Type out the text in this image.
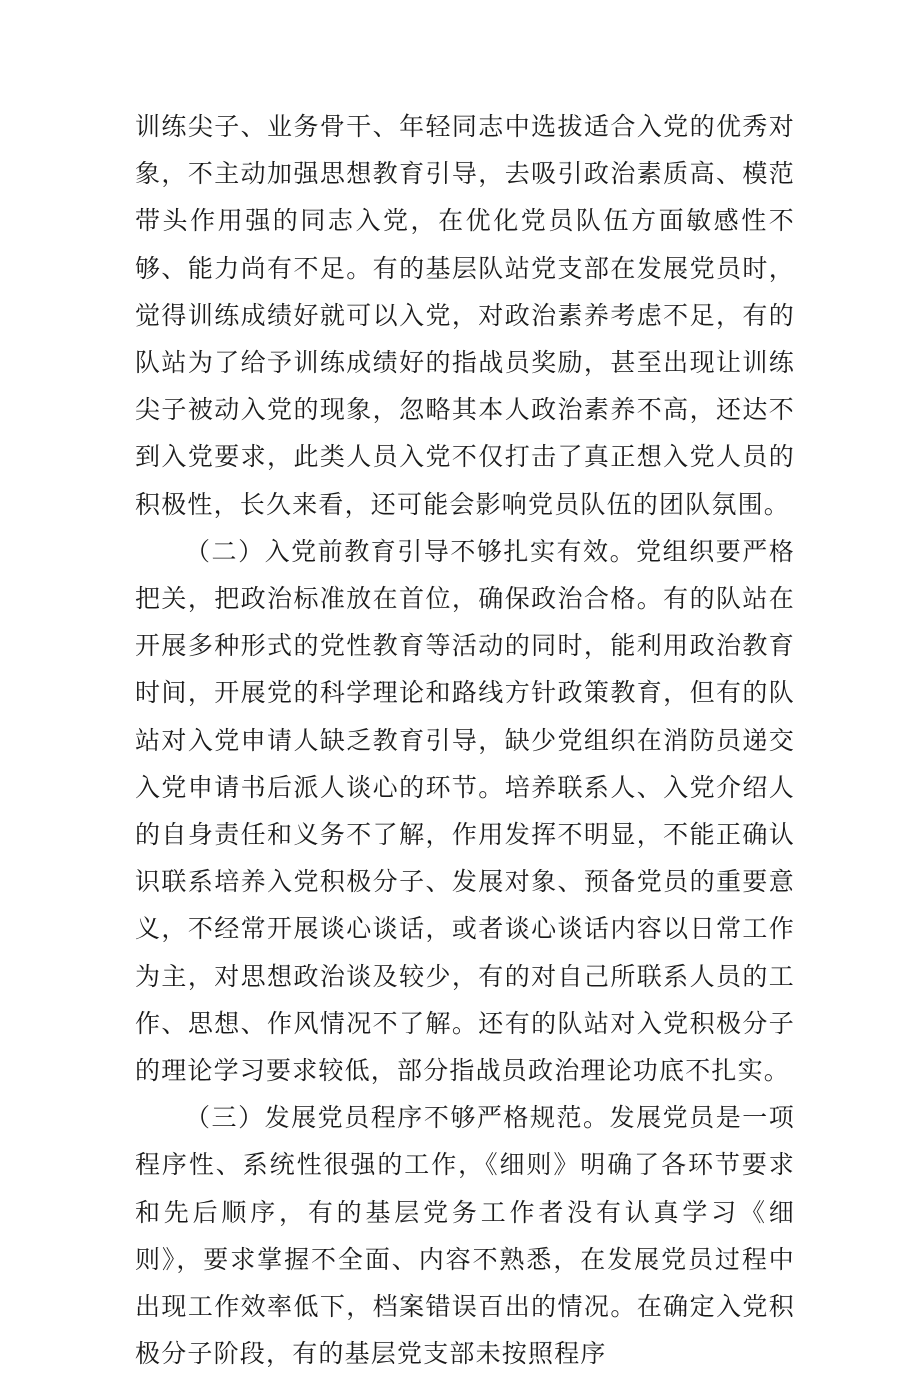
训练尖子、业务骨干、年轻同志中选拔适合入党的优秀对象，不主动加强思想教育引导，去吸引政治素质高、模范带头作用强的同志入党，在优化党员队伍方面敏感性不够、能力尚有不足。有的基层队站党支部在发展党员时，觉得训练成绩好就可以入党，对政治素养考虑不足，有的队站为了给予训练成绩好的指战员奖励，甚至出现让训练尖子被动入党的现象，忽略其本人政治素养不高，还达不到入党要求，此类人员入党不仅打击了真正想入党人员的积极性，长久来看，还可能会影响党员队伍的团队氛围。

（二）入党前教育引导不够扎实有效。党组织要严格把关，把政治标准放在首位，确保政治合格。有的队站在开展多种形式的党性教育等活动的同时，能利用政治教育时间，开展党的科学理论和路线方针政策教育，但有的队站对入党申请人缺乏教育引导，缺少党组织在消防员递交入党申请书后派人谈心的环节。培养联系人、入党介绍人的自身责任和义务不了解，作用发挥不明显，不能正确认识联系培养入党积极分子、发展对象、预备党员的重要意义，不经常开展谈心谈话，或者谈心谈话内容以日常工作为主，对思想政治谈及较少，有的对自己所联系人员的工作、思想、作风情况不了解。还有的队站对入党积极分子的理论学习要求较低，部分指战员政治理论功底不扎实。

（三）发展党员程序不够严格规范。发展党员是一项程序性、系统性很强的工作，《细则》明确了各环节要求和先后顺序，有的基层党务工作者没有认真学习《细则》，要求掌握不全面、内容不熟悉，在发展党员过程中出现工作效率低下，档案错误百出的情况。在确定入党积极分子阶段，有的基层党支部未按照程序
